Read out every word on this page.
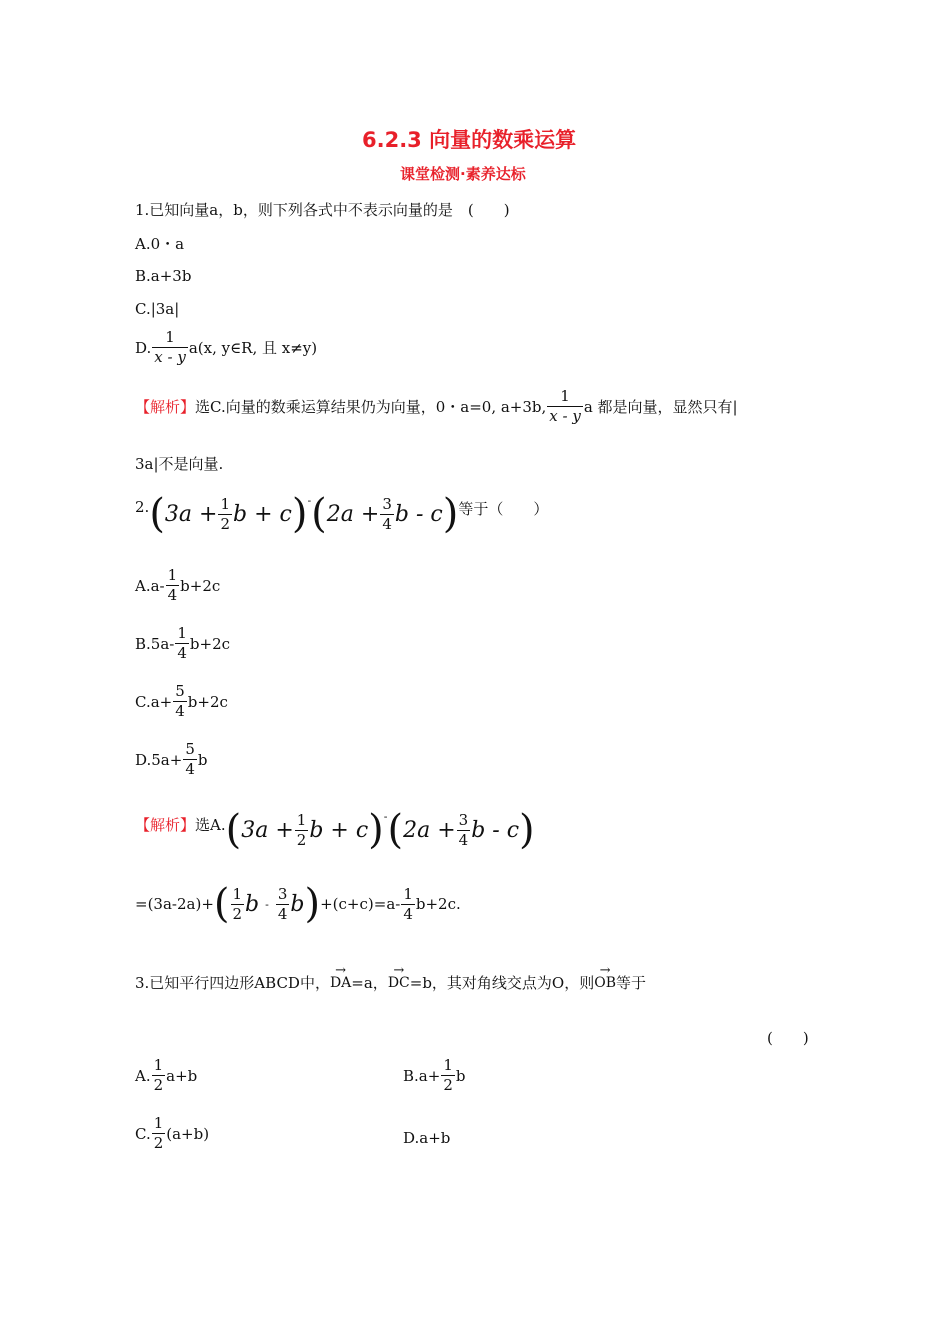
6.2.3 向量的数乘运算
课堂检测·素养达标
1.已知向量a，b，则下列各式中不表示向量的是　(　　)
A.0・a
B.a+3b
C.|3a|
D. $\frac{1}{x - y} a(x$, y∈R, 且 x≠y)
【解析】 选C.向量的数乘运算结果仍为向量，0・a=0, a+3b, $\frac{1}{x - y}$ a 都是向量，显然只有|
3a|不是向量.
2. ( $3a + \frac{1}{2}$ b + c ) - ( $2a + \frac{3}{4}$ b - c ) 等于（　　）
$A.a- \frac{1}{4} b+2c$
$B.5a- \frac{1}{4} b+2c$
$C.a+ \frac{5}{4} b+2c$
$D.5a+ \frac{5}{4}$ b
【解析】 选A. ( $3a + \frac{1}{2}$ b + c ) - ( $2a + \frac{3}{4}$ b - c )
=(3a-2a)+ ( $\frac{1}{2}$ b - $\frac{3}{4}$ b ) $+(c+c)=a- \frac{1}{4} b+2c$.
3.已知平行四边形ABCD中， → DA =a， → DC =b，其对角线交点为O，则 → OB 等于
(　　)
A. $\frac{1}{2} a+b$	$B.a+ \frac{1}{2}$ b
C. $\frac{1}{2} (a+b)$	D.a+b
